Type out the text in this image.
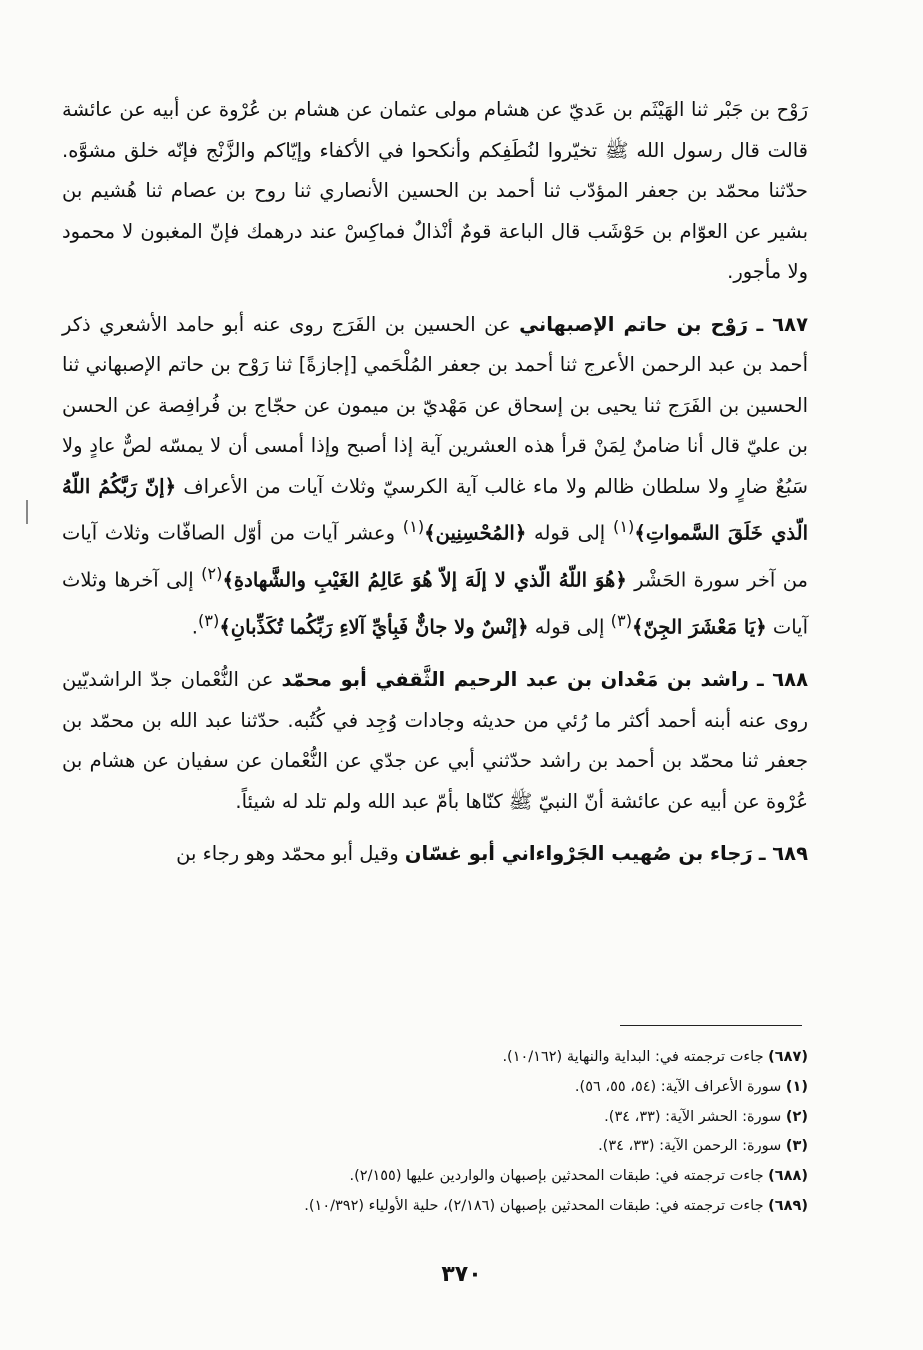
رَوْح بن جَبْر ثنا الهَيْثَم بن عَديّ عن هشام مولى عثمان عن هشام بن عُرْوة عن أبيه عن عائشة قالت قال رسول الله ﷺ تخيّروا لنُطَفِكم وأنكحوا في الأكفاء وإيّاكم والزَّنْج فإنّه خلق مشوَّه. حدّثنا محمّد بن جعفر المؤدّب ثنا أحمد بن الحسين الأنصاري ثنا روح بن عصام ثنا هُشيم بن بشير عن العوّام بن حَوْشَب قال الباعة قومٌ أنْذالٌ فماكِسْ عند درهمك فإنّ المغبون لا محمود ولا مأجور.

٦٨٧ ـ رَوْح بن حاتم الإصبهاني عن الحسين بن الفَرَج روى عنه أبو حامد الأشعري ذكر أحمد بن عبد الرحمن الأعرج ثنا أحمد بن جعفر المُلْحَمي [إجازةً] ثنا رَوْح بن حاتم الإصبهاني ثنا الحسين بن الفَرَج ثنا يحيى بن إسحاق عن مَهْديّ بن ميمون عن حجّاج بن فُرافِصة عن الحسن بن عليّ قال أنا ضامنٌ لِمَنْ قرأ هذه العشرين آية إذا أصبح وإذا أمسى أن لا يمسّه لصٌّ عادٍ ولا سَبُعٌ ضارٍ ولا سلطان ظالم ولا ماء غالب آية الكرسيّ وثلاث آيات من الأعراف ﴿إنّ رَبَّكُمُ اللّهُ الّذي خَلَقَ السَّمواتِ﴾$^{(١)}$ إلى قوله ﴿المُحْسِنِين﴾$^{(١)}$ وعشر آيات من أوّل الصافّات وثلاث آيات من آخر سورة الحَشْر ﴿هُوَ اللّهُ الّذي لا إلَهَ إلاّ هُوَ عَالِمُ الغَيْبِ والشَّهادةِ﴾$^{(٢)}$ إلى آخرها وثلاث آيات ﴿يَا مَعْشَرَ الجِنّ﴾$^{(٣)}$ إلى قوله ﴿إنْسٌ ولا جانٌّ فَبِأيِّ آلاءِ رَبِّكُما تُكَذِّبانِ﴾$^{(٣)}$.

٦٨٨ ـ راشد بن مَعْدان بن عبد الرحيم الثَّقفي أبو محمّد عن النُّعْمان جدّ الراشديّين روى عنه أبنه أحمد أكثر ما رُئي من حديثه وجادات وُجِد في كُتُبه. حدّثنا عبد الله بن محمّد بن جعفر ثنا محمّد بن أحمد بن راشد حدّثني أبي عن جدّي عن النُّعْمان عن سفيان عن هشام بن عُرْوة عن أبيه عن عائشة أنّ النبيّ ﷺ كنّاها بأمّ عبد الله ولم تلد له شيئاً.

٦٨٩ ـ رَجاء بن صُهيب الجَرْواءاني أبو غسّان وقيل أبو محمّد وهو رجاء بن

(٦٨٧) جاءت ترجمته في: البداية والنهاية (١٠/١٦٢).
(١) سورة الأعراف الآية: (٥٤، ٥٥، ٥٦).
(٢) سورة: الحشر الآية: (٣٣، ٣٤).
(٣) سورة: الرحمن الآية: (٣٣، ٣٤).
(٦٨٨) جاءت ترجمته في: طبقات المحدثين بإصبهان والواردين عليها (٢/١٥٥).
(٦٨٩) جاءت ترجمته في: طبقات المحدثين بإصبهان (٢/١٨٦)، حلية الأولياء (١٠/٣٩٢).
٣٧٠
